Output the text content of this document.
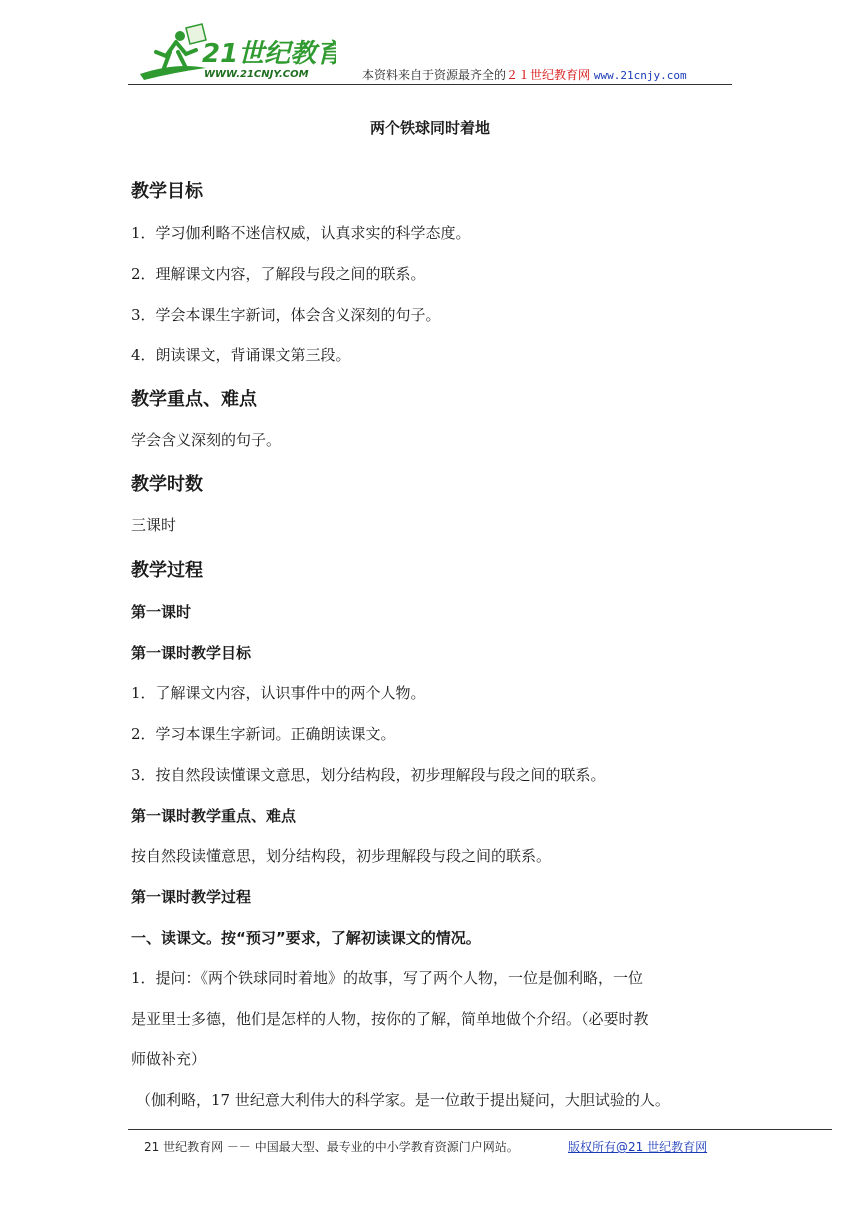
21世纪教育
WWW.21CNJY.COM	本资料来自于资源最齐全的２１世纪教育网 www.21cnjy.com
两个铁球同时着地
教学目标
1．学习伽利略不迷信权威，认真求实的科学态度。
2．理解课文内容，了解段与段之间的联系。
3．学会本课生字新词，体会含义深刻的句子。
4．朗读课文，背诵课文第三段。
教学重点、难点
学会含义深刻的句子。
教学时数
三课时
教学过程
第一课时
第一课时教学目标
1．了解课文内容，认识事件中的两个人物。
2．学习本课生字新词。正确朗读课文。
3．按自然段读懂课文意思，划分结构段，初步理解段与段之间的联系。
第一课时教学重点、难点
按自然段读懂意思，划分结构段，初步理解段与段之间的联系。
第一课时教学过程
一、读课文。按“预习”要求，了解初读课文的情况。
1．提问：《两个铁球同时着地》的故事，写了两个人物，一位是伽利略，一位
是亚里士多德，他们是怎样的人物，按你的了解，简单地做个介绍。（必要时教
师做补充）
（伽利略，17 世纪意大利伟大的科学家。是一位敢于提出疑问，大胆试验的人。
21 世纪教育网 －－ 中国最大型、最专业的中小学教育资源门户网站。	版权所有@21 世纪教育网
